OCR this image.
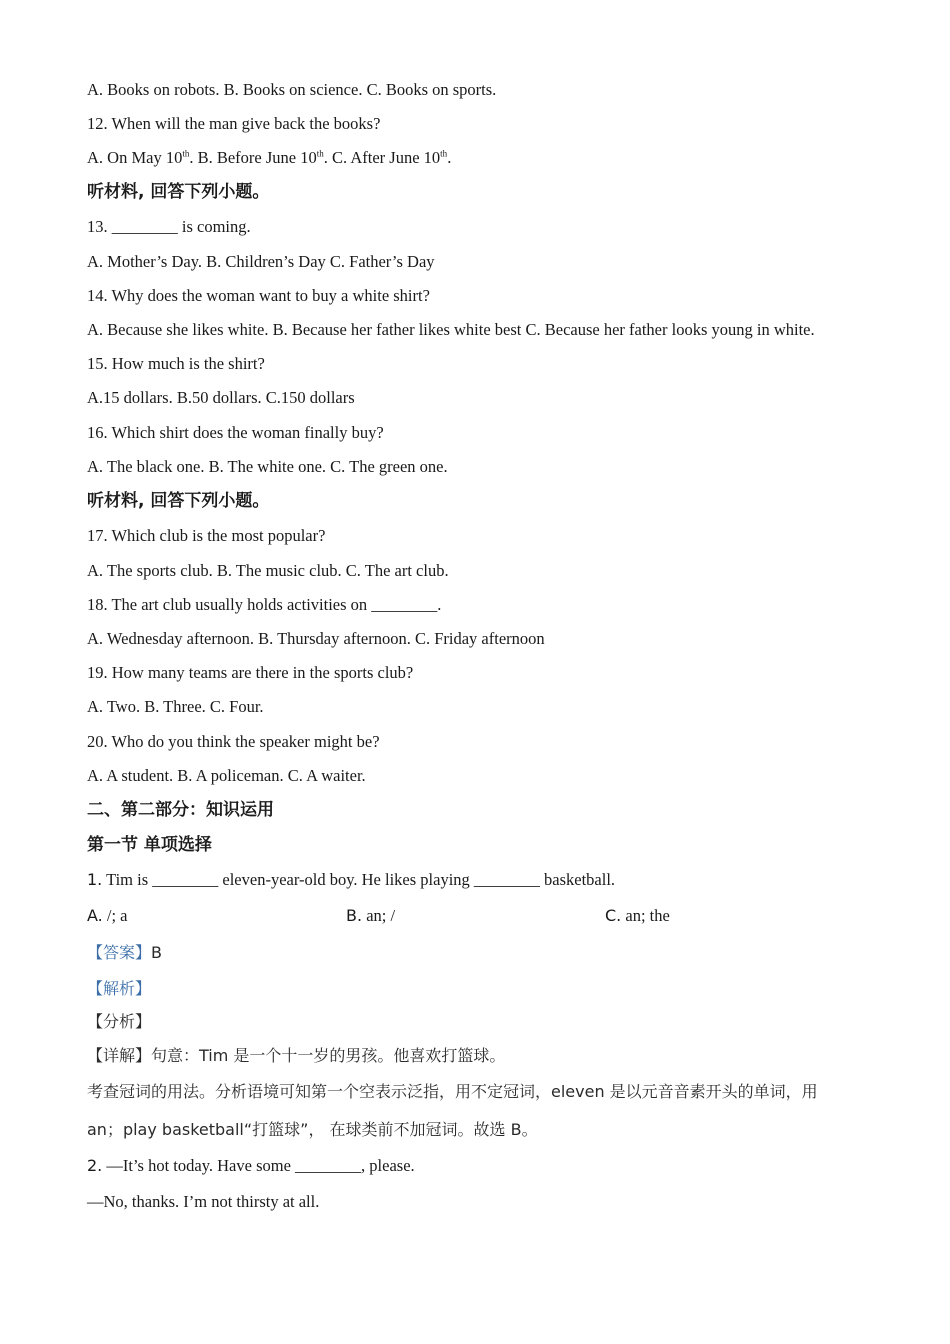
A. Books on robots. B. Books on science. C. Books on sports.
12. When will the man give back the books?
A. On May 10th. B. Before June 10th. C. After June 10th.
听材料, 回答下列小题。
13. ________ is coming.
A. Mother’s Day. B. Children’s Day C. Father’s Day
14. Why does the woman want to buy a white shirt?
A. Because she likes white. B. Because her father likes white best C. Because her father looks young in white.
15. How much is the shirt?
A.15 dollars. B.50 dollars. C.150 dollars
16. Which shirt does the woman finally buy?
A. The black one. B. The white one. C. The green one.
听材料, 回答下列小题。
17. Which club is the most popular?
A. The sports club. B. The music club. C. The art club.
18. The art club usually holds activities on ________.
A. Wednesday afternoon. B. Thursday afternoon. C. Friday afternoon
19. How many teams are there in the sports club?
A. Two. B. Three. C. Four.
20. Who do you think the speaker might be?
A. A student. B. A policeman. C. A waiter.
二、第二部分：知识运用
第一节 单项选择
1. Tim is ________ eleven-year-old boy. He likes playing ________ basketball.
A. /; a	B. an; /	C. an; the
【答案】B
【解析】
【分析】
【详解】句意：Tim 是一个十一岁的男孩。他喜欢打篮球。
考查冠词的用法。分析语境可知第一个空表示泛指，用不定冠词，eleven 是以元音音素开头的单词，用
an；play basketball“打篮球”， 在球类前不加冠词。故选 B。
2. —It’s hot today. Have some ________, please.
—No, thanks. I’m not thirsty at all.
